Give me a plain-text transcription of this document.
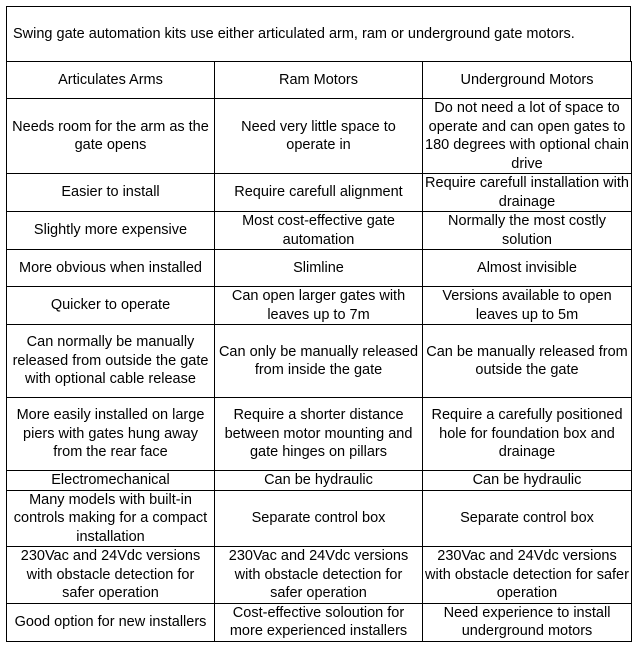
Swing gate automation kits use either articulated arm, ram or underground gate motors.
Articulates Arms	Ram Motors	Underground Motors
Needs room for the arm as the gate opens	Need very little space to operate in	Do not need a lot of space to operate and can open gates to 180 degrees with optional chain drive
Easier to install	Require carefull alignment	Require carefull installation with drainage
Slightly more expensive	Most cost-effective gate automation	Normally the most costly solution
More obvious when installed	Slimline	Almost invisible
Quicker to operate	Can open larger gates with leaves up to 7m	Versions available to open leaves up to 5m
Can normally be manually released from outside the gate with optional cable release	Can only be manually released from inside the gate	Can be manually released from outside the gate
More easily installed on large piers with gates hung away from the rear face	Require a shorter distance between motor mounting and gate hinges on pillars	Require a carefully positioned hole for foundation box and drainage
Electromechanical	Can be hydraulic	Can be hydraulic
Many models with built-in controls making for a compact installation	Separate control box	Separate control box
230Vac and 24Vdc versions with obstacle detection for safer operation	230Vac and 24Vdc versions with obstacle detection for safer operation	230Vac and 24Vdc versions with obstacle detection for safer operation
Good option for new installers	Cost-effective soloution for more experienced installers	Need experience to install underground motors
